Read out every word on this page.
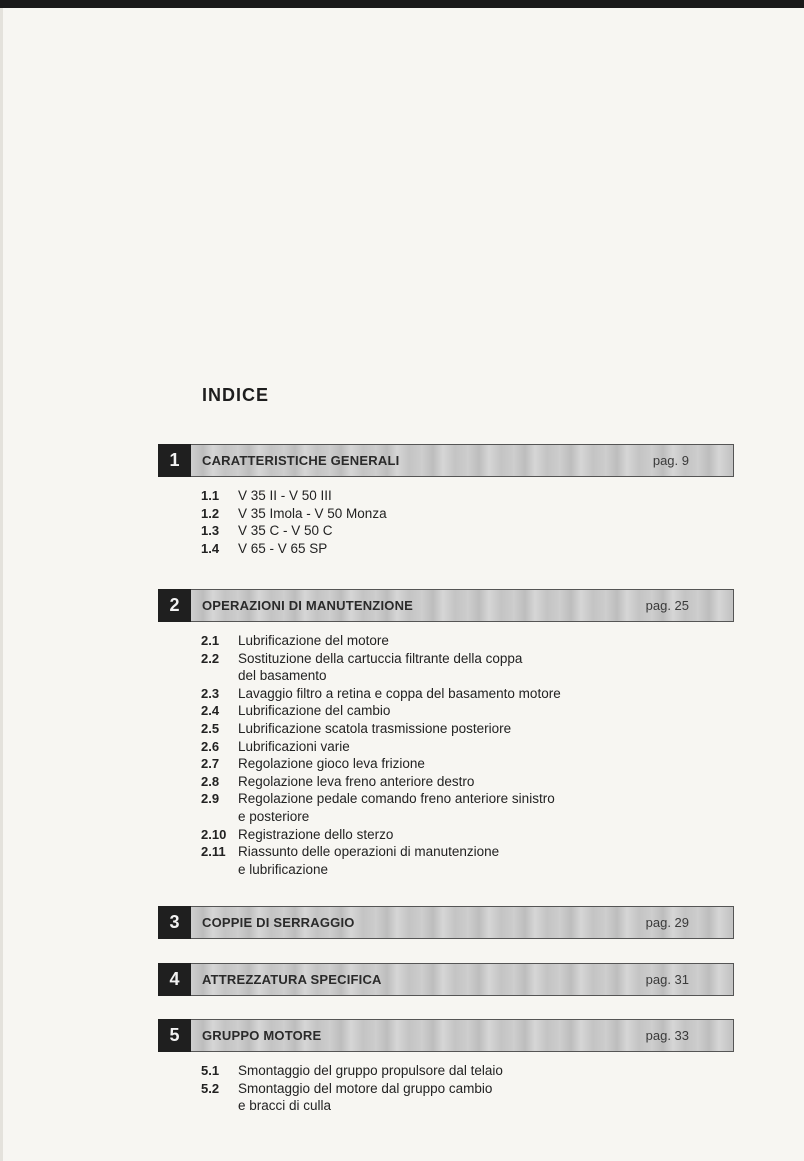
INDICE
1	CARATTERISTICHE GENERALI	pag. 9
1.1	V 35 II - V 50 III
1.2	V 35 Imola - V 50 Monza
1.3	V 35 C - V 50 C
1.4	V 65 - V 65 SP
2	OPERAZIONI DI MANUTENZIONE	pag. 25
2.1	Lubrificazione del motore
2.2	Sostituzione della cartuccia filtrante della coppa
del basamento
2.3	Lavaggio filtro a retina e coppa del basamento motore
2.4	Lubrificazione del cambio
2.5	Lubrificazione scatola trasmissione posteriore
2.6	Lubrificazioni varie
2.7	Regolazione gioco leva frizione
2.8	Regolazione leva freno anteriore destro
2.9	Regolazione pedale comando freno anteriore sinistro
e posteriore
2.10 Registrazione dello sterzo
2.11 Riassunto delle operazioni di manutenzione
e lubrificazione
3	COPPIE DI SERRAGGIO	pag. 29
4	ATTREZZATURA SPECIFICA	pag. 31
5	GRUPPO MOTORE	pag. 33
5.1	Smontaggio del gruppo propulsore dal telaio
5.2	Smontaggio del motore dal gruppo cambio
e bracci di culla
